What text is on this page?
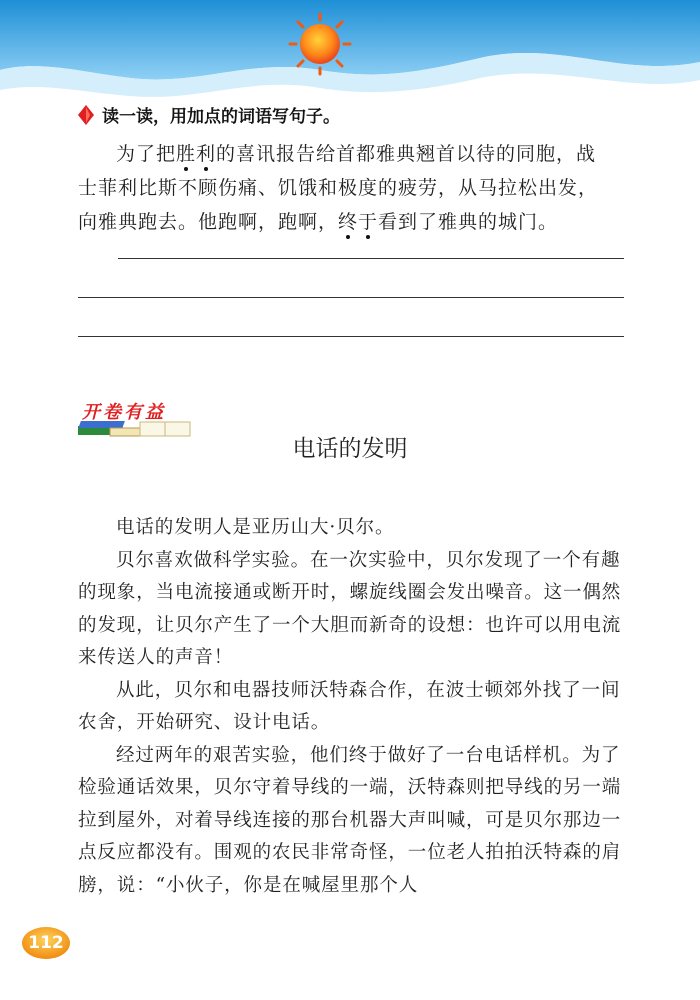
读一读，用加点的词语写句子。

为了把胜利的喜讯报告给首都雅典翘首以待的同胞，战

士菲利比斯不顾伤痛、饥饿和极度的疲劳，从马拉松出发，

向雅典跑去。他跑啊，跑啊，终于看到了雅典的城门。

开卷有益
电话的发明

电话的发明人是亚历山大·贝尔。

贝尔喜欢做科学实验。在一次实验中，贝尔发现了一个有趣的现象，当电流接通或断开时，螺旋线圈会发出噪音。这一偶然的发现，让贝尔产生了一个大胆而新奇的设想：也许可以用电流来传送人的声音！

从此，贝尔和电器技师沃特森合作，在波士顿郊外找了一间农舍，开始研究、设计电话。

经过两年的艰苦实验，他们终于做好了一台电话样机。为了检验通话效果，贝尔守着导线的一端，沃特森则把导线的另一端拉到屋外，对着导线连接的那台机器大声叫喊，可是贝尔那边一点反应都没有。围观的农民非常奇怪，一位老人拍拍沃特森的肩膀，说：“小伙子，你是在喊屋里那个人

112
